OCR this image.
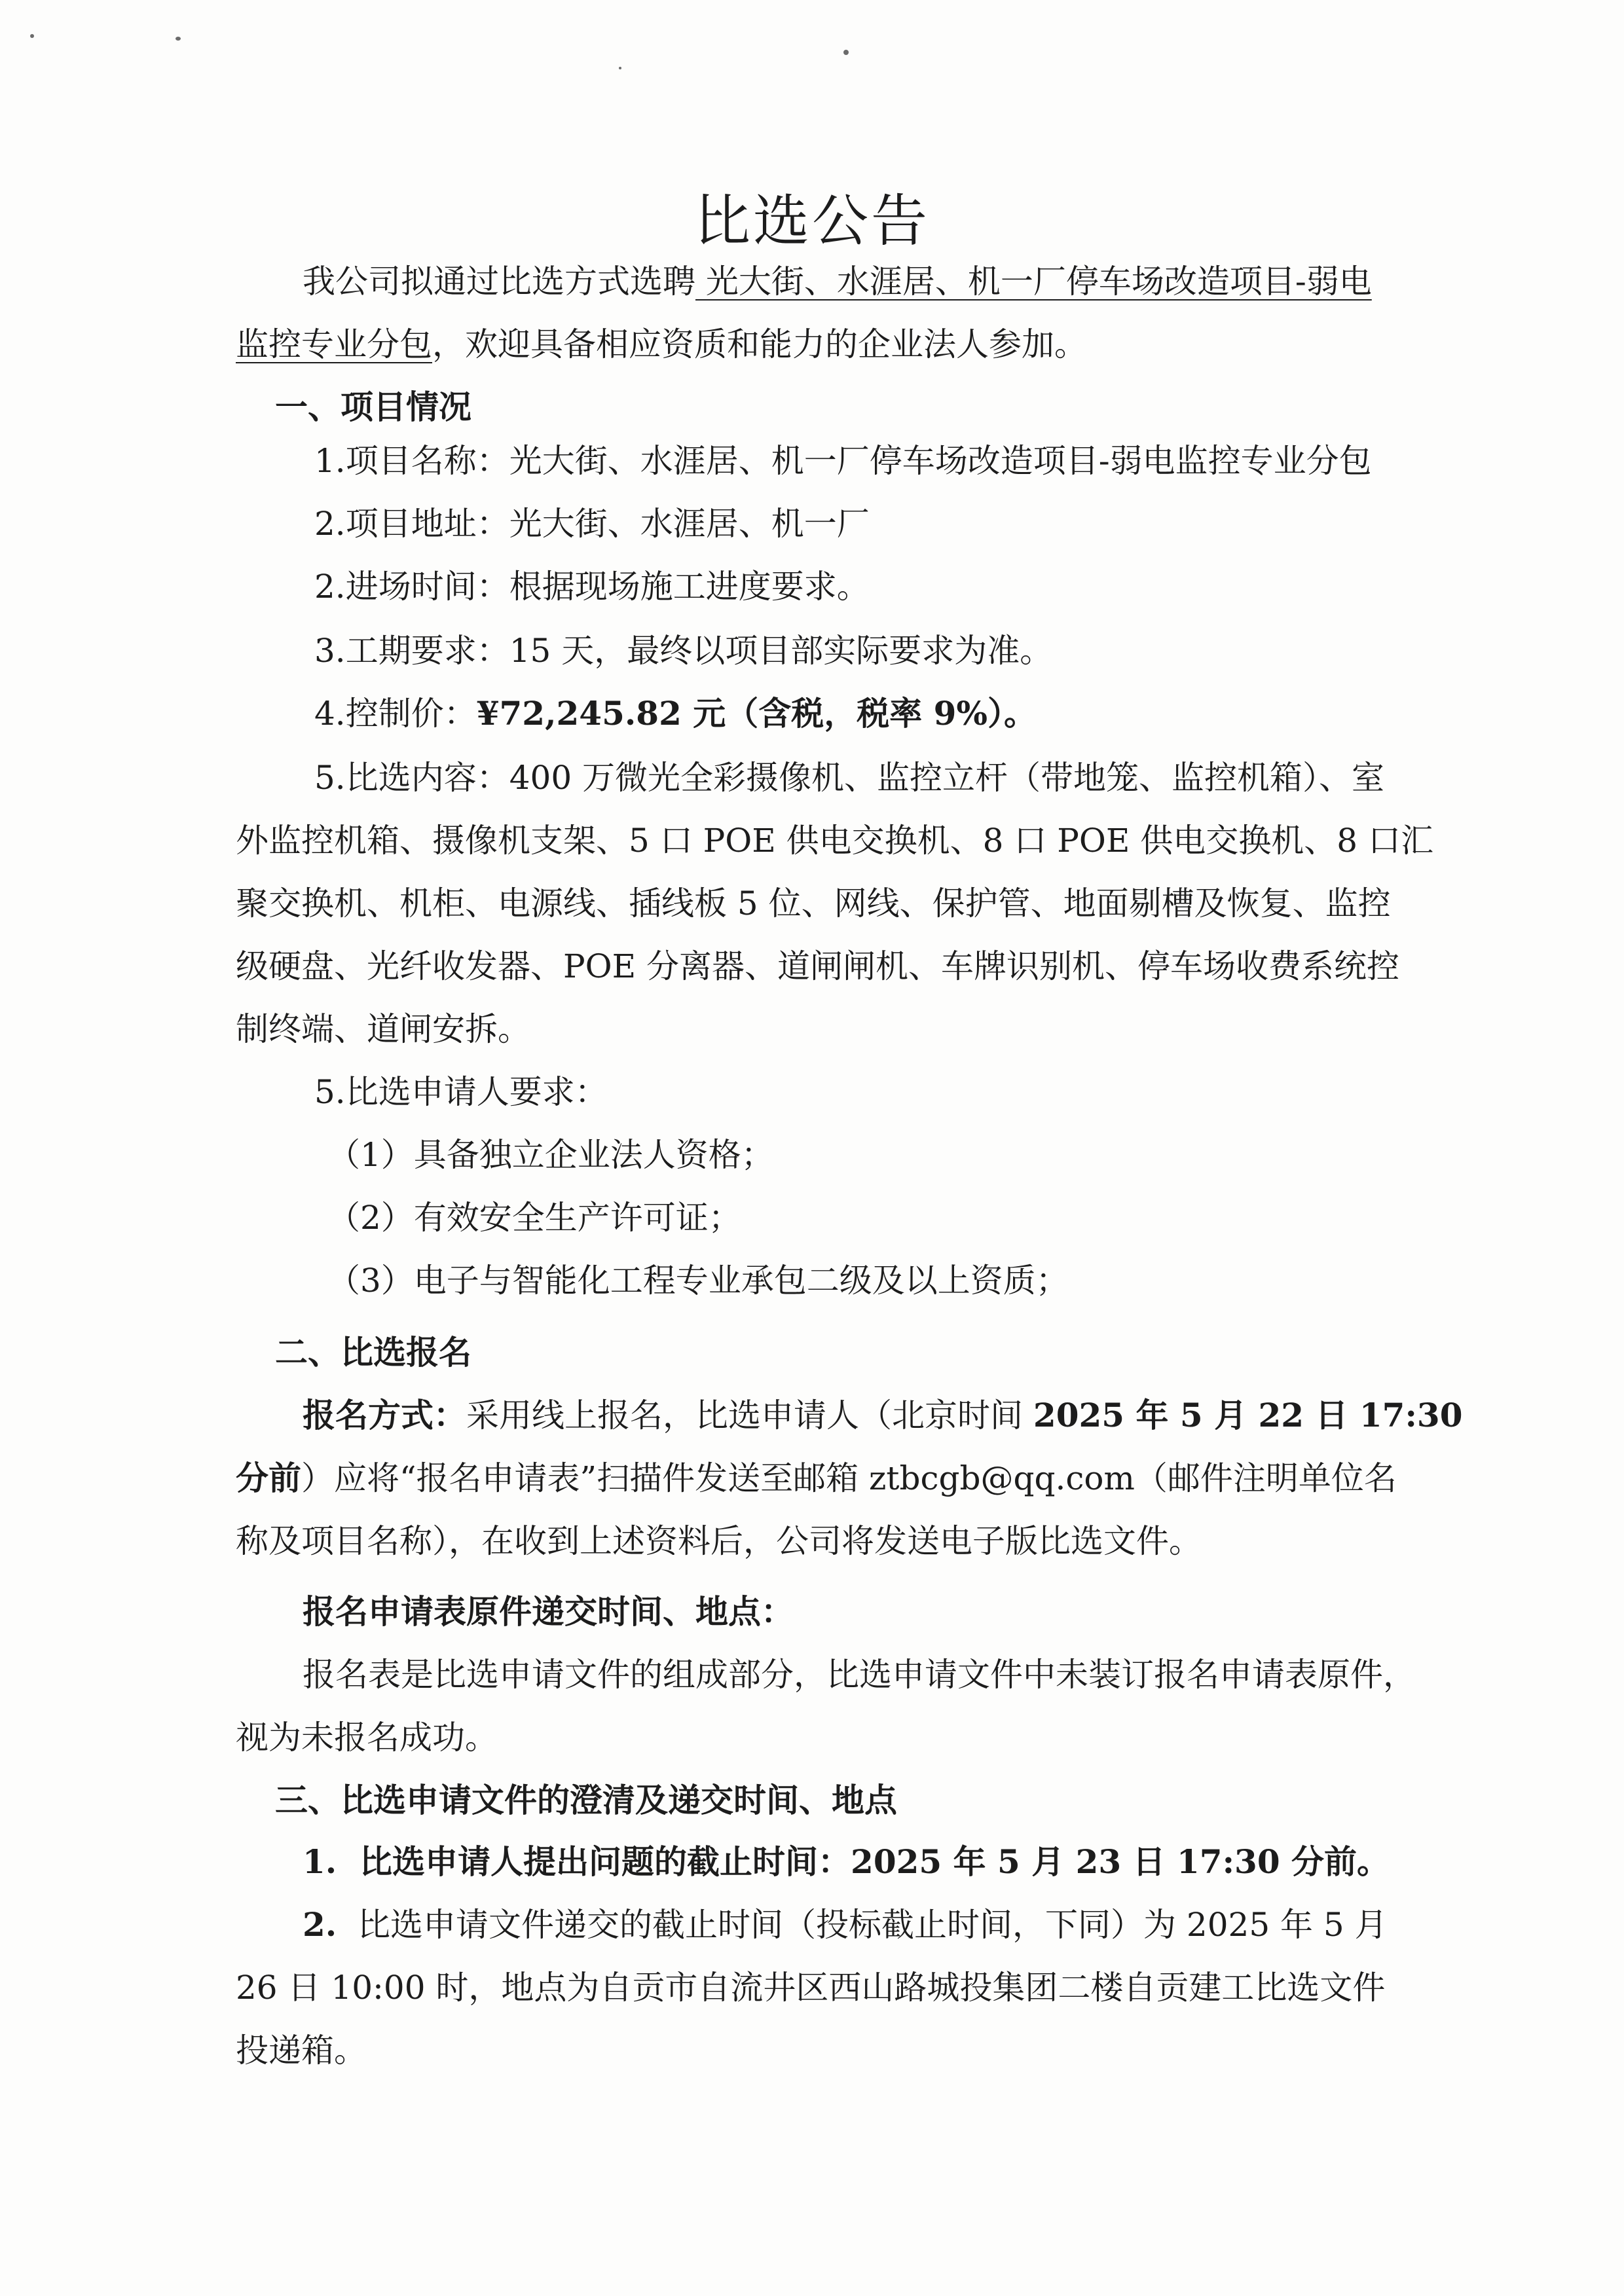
比选公告

我公司拟通过比选方式选聘 光大街、水涯居、机一厂停车场改造项目-弱电

监控专业分包，欢迎具备相应资质和能力的企业法人参加。

一、项目情况

1.项目名称：光大街、水涯居、机一厂停车场改造项目-弱电监控专业分包

2.项目地址：光大街、水涯居、机一厂

2.进场时间：根据现场施工进度要求。

3.工期要求：15 天，最终以项目部实际要求为准。

4.控制价：¥72,245.82 元（含税，税率 9%）。

5.比选内容：400 万微光全彩摄像机、监控立杆（带地笼、监控机箱）、室

外监控机箱、摄像机支架、5 口 POE 供电交换机、8 口 POE 供电交换机、8 口汇

聚交换机、机柜、电源线、插线板 5 位、网线、保护管、地面剔槽及恢复、监控

级硬盘、光纤收发器、POE 分离器、道闸闸机、车牌识别机、停车场收费系统控

制终端、道闸安拆。

5.比选申请人要求：

（1）具备独立企业法人资格；

（2）有效安全生产许可证；

（3）电子与智能化工程专业承包二级及以上资质；

二、比选报名

报名方式：采用线上报名，比选申请人（北京时间 2025 年 5 月 22 日 17:30

分前）应将“报名申请表”扫描件发送至邮箱 ztbcgb@qq.com（邮件注明单位名

称及项目名称），在收到上述资料后，公司将发送电子版比选文件。

报名申请表原件递交时间、地点：

报名表是比选申请文件的组成部分，比选申请文件中未装订报名申请表原件，

视为未报名成功。

三、比选申请文件的澄清及递交时间、地点

1. 比选申请人提出问题的截止时间：2025 年 5 月 23 日 17:30 分前。

2. 比选申请文件递交的截止时间（投标截止时间，下同）为 2025 年 5 月

26 日 10:00 时，地点为自贡市自流井区西山路城投集团二楼自贡建工比选文件

投递箱。
